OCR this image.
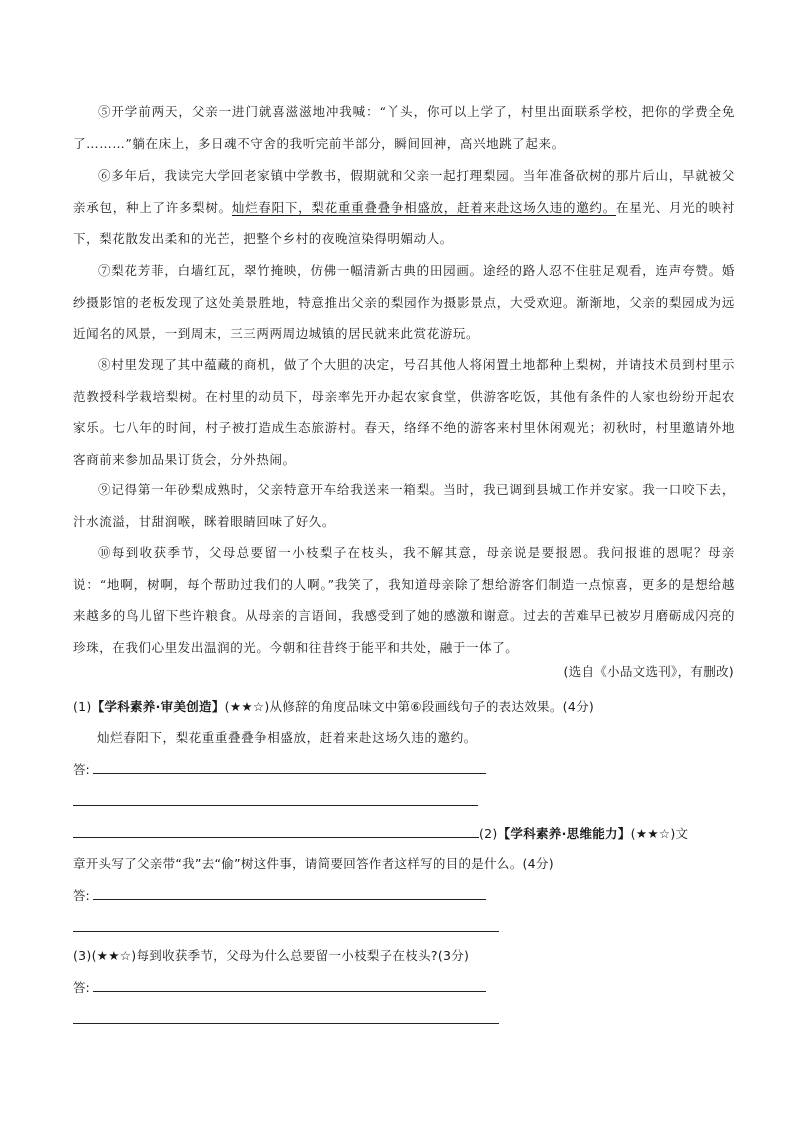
⑤开学前两天，父亲一进门就喜滋滋地冲我喊：“丫头，你可以上学了，村里出面联系学校，把你的学费全免了………”躺在床上，多日魂不守舍的我听完前半部分，瞬间回神，高兴地跳了起来。

⑥多年后，我读完大学回老家镇中学教书，假期就和父亲一起打理梨园。当年准备砍树的那片后山，早就被父亲承包，种上了许多梨树。灿烂春阳下，梨花重重叠叠争相盛放，赶着来赴这场久违的邀约。在星光、月光的映衬下，梨花散发出柔和的光芒，把整个乡村的夜晚渲染得明媚动人。

⑦梨花芳菲，白墙红瓦，翠竹掩映，仿佛一幅清新古典的田园画。途经的路人忍不住驻足观看，连声夸赞。婚纱摄影馆的老板发现了这处美景胜地，特意推出父亲的梨园作为摄影景点，大受欢迎。渐渐地，父亲的梨园成为远近闻名的风景，一到周末，三三两两周边城镇的居民就来此赏花游玩。

⑧村里发现了其中蕴藏的商机，做了个大胆的决定，号召其他人将闲置土地都种上梨树，并请技术员到村里示范教授科学栽培梨树。在村里的动员下，母亲率先开办起农家食堂，供游客吃饭，其他有条件的人家也纷纷开起农家乐。七八年的时间，村子被打造成生态旅游村。春天，络绎不绝的游客来村里休闲观光；初秋时，村里邀请外地客商前来参加品果订货会，分外热闹。

⑨记得第一年砂梨成熟时，父亲特意开车给我送来一箱梨。当时，我已调到县城工作并安家。我一口咬下去，汁水流溢，甘甜润喉，眯着眼睛回味了好久。

⑩每到收获季节，父母总要留一小枝梨子在枝头，我不解其意，母亲说是要报恩。我问报谁的恩呢？母亲说：“地啊，树啊，每个帮助过我们的人啊。”我笑了，我知道母亲除了想给游客们制造一点惊喜，更多的是想给越来越多的鸟儿留下些许粮食。从母亲的言语间，我感受到了她的感激和谢意。过去的苦难早已被岁月磨砺成闪亮的珍珠，在我们心里发出温润的光。今朝和往昔终于能平和共处，融于一体了。

(选自《小品文选刊》，有删改)
(1)【学科素养·审美创造】(★★☆)从修辞的角度品味文中第⑥段画线句子的表达效果。(4分)
灿烂春阳下，梨花重重叠叠争相盛放，赶着来赴这场久违的邀约。
答:
(2)【学科素养·思维能力】(★★☆)文
章开头写了父亲带“我”去“偷”树这件事，请简要回答作者这样写的目的是什么。(4分)
答:
(3)(★★☆)每到收获季节，父母为什么总要留一小枝梨子在枝头?(3分)
答:
